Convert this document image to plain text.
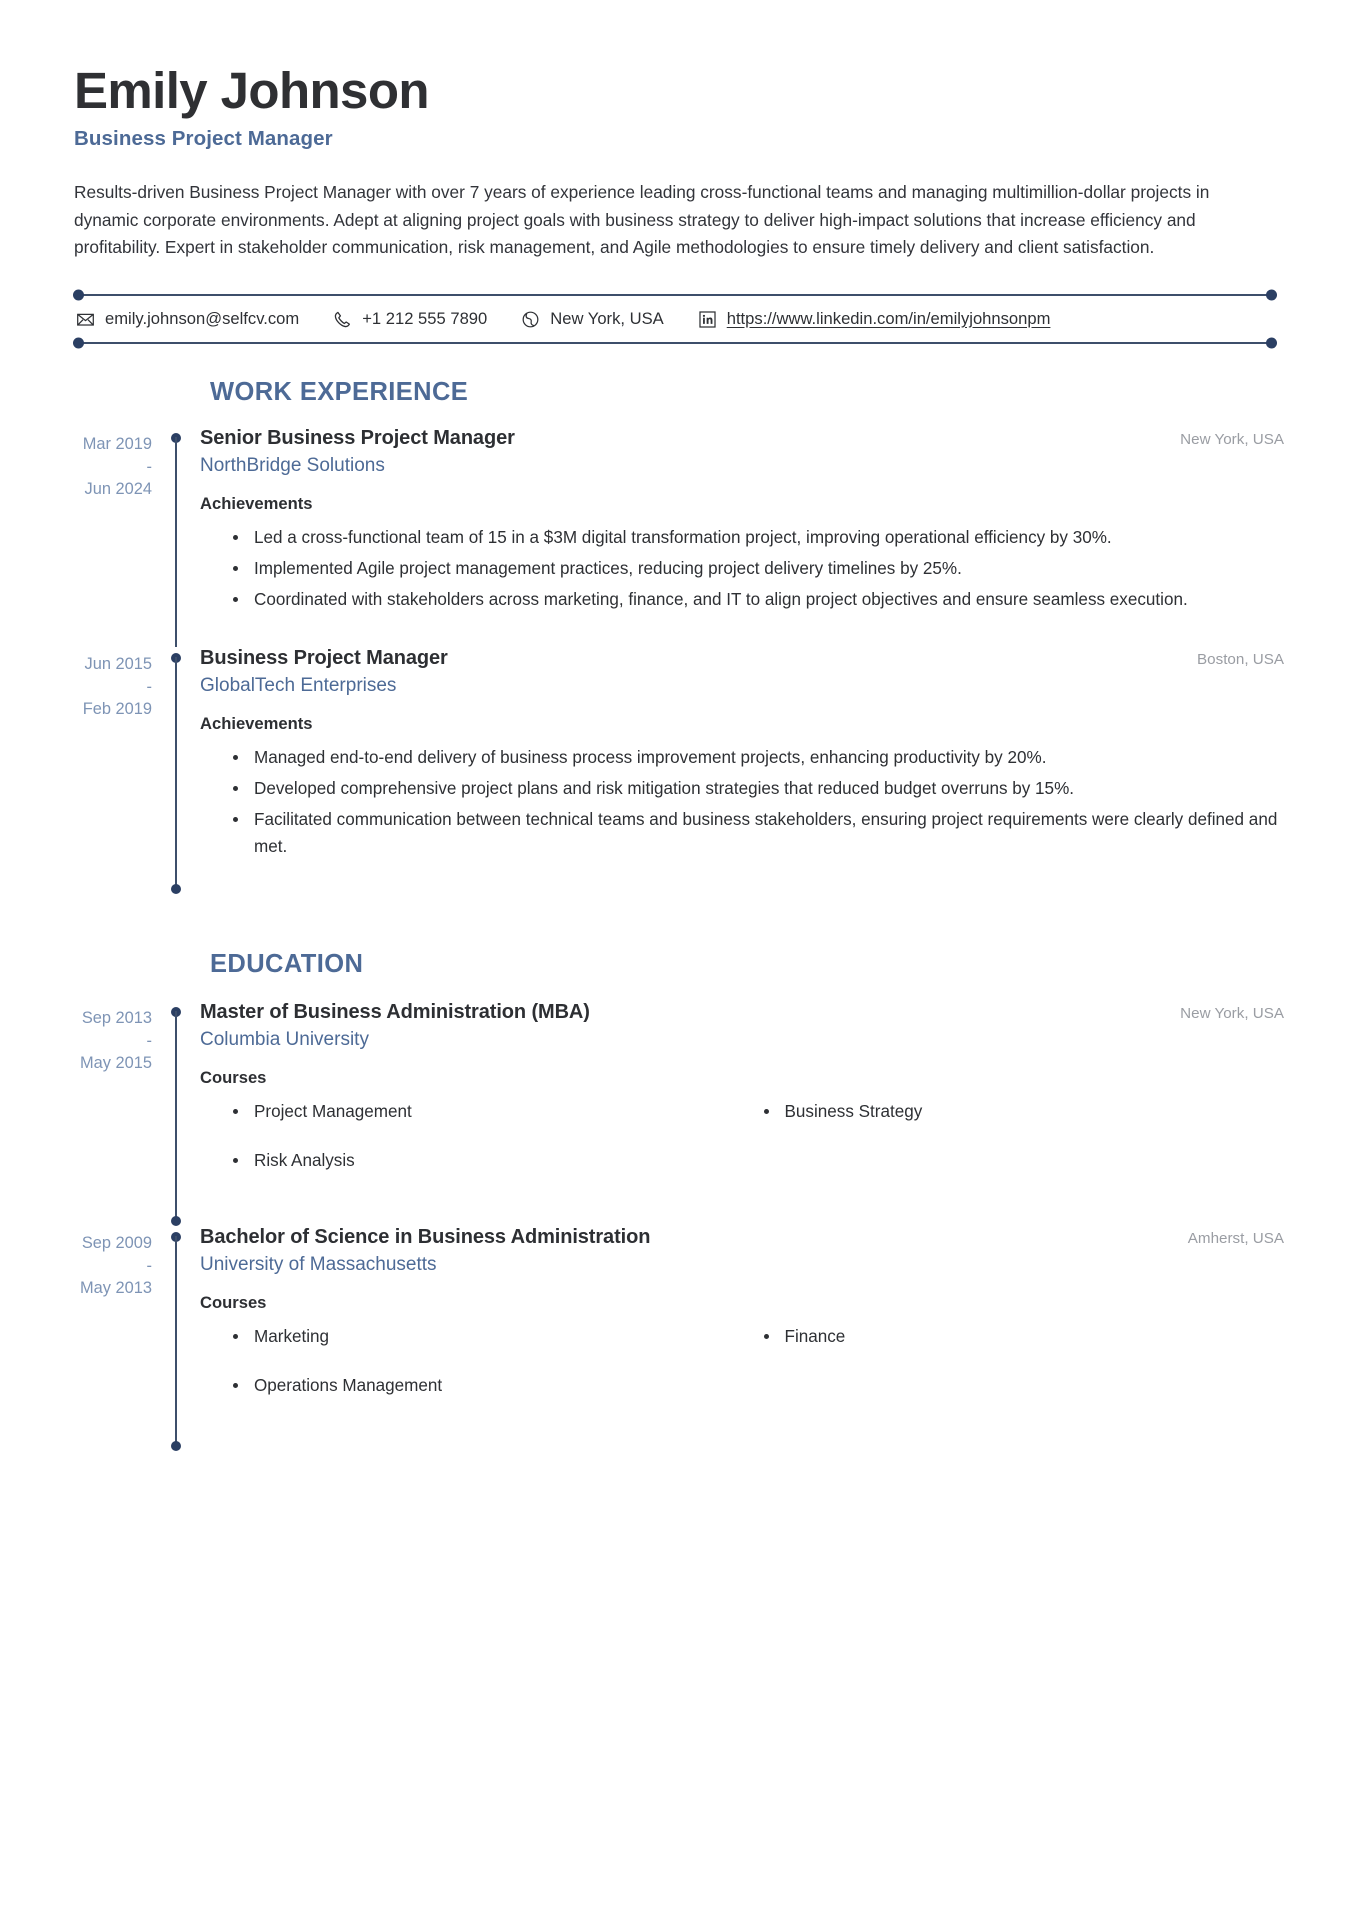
Emily Johnson
Business Project Manager

Results-driven Business Project Manager with over 7 years of experience leading cross-functional teams and managing multimillion-dollar projects in dynamic corporate environments. Adept at aligning project goals with business strategy to deliver high-impact solutions that increase efficiency and profitability. Expert in stakeholder communication, risk management, and Agile methodologies to ensure timely delivery and client satisfaction.

emily.johnson@selfcv.com	+1 212 555 7890	New York, USA	https://www.linkedin.com/in/emilyjohnsonpm
WORK EXPERIENCE
Mar 2019
-
Jun 2024
Senior Business Project Manager	New York, USA
NorthBridge Solutions
Achievements
Led a cross-functional team of 15 in a $3M digital transformation project, improving operational efficiency by 30%.
Implemented Agile project management practices, reducing project delivery timelines by 25%.
Coordinated with stakeholders across marketing, finance, and IT to align project objectives and ensure seamless execution.
Jun 2015
-
Feb 2019
Business Project Manager	Boston, USA
GlobalTech Enterprises
Achievements
Managed end-to-end delivery of business process improvement projects, enhancing productivity by 20%.
Developed comprehensive project plans and risk mitigation strategies that reduced budget overruns by 15%.
Facilitated communication between technical teams and business stakeholders, ensuring project requirements were clearly defined and met.
EDUCATION
Sep 2013
-
May 2015
Master of Business Administration (MBA)	New York, USA
Columbia University
Courses
Project Management	Business Strategy
Risk Analysis
Sep 2009
-
May 2013
Bachelor of Science in Business Administration	Amherst, USA
University of Massachusetts
Courses
Marketing	Finance
Operations Management
